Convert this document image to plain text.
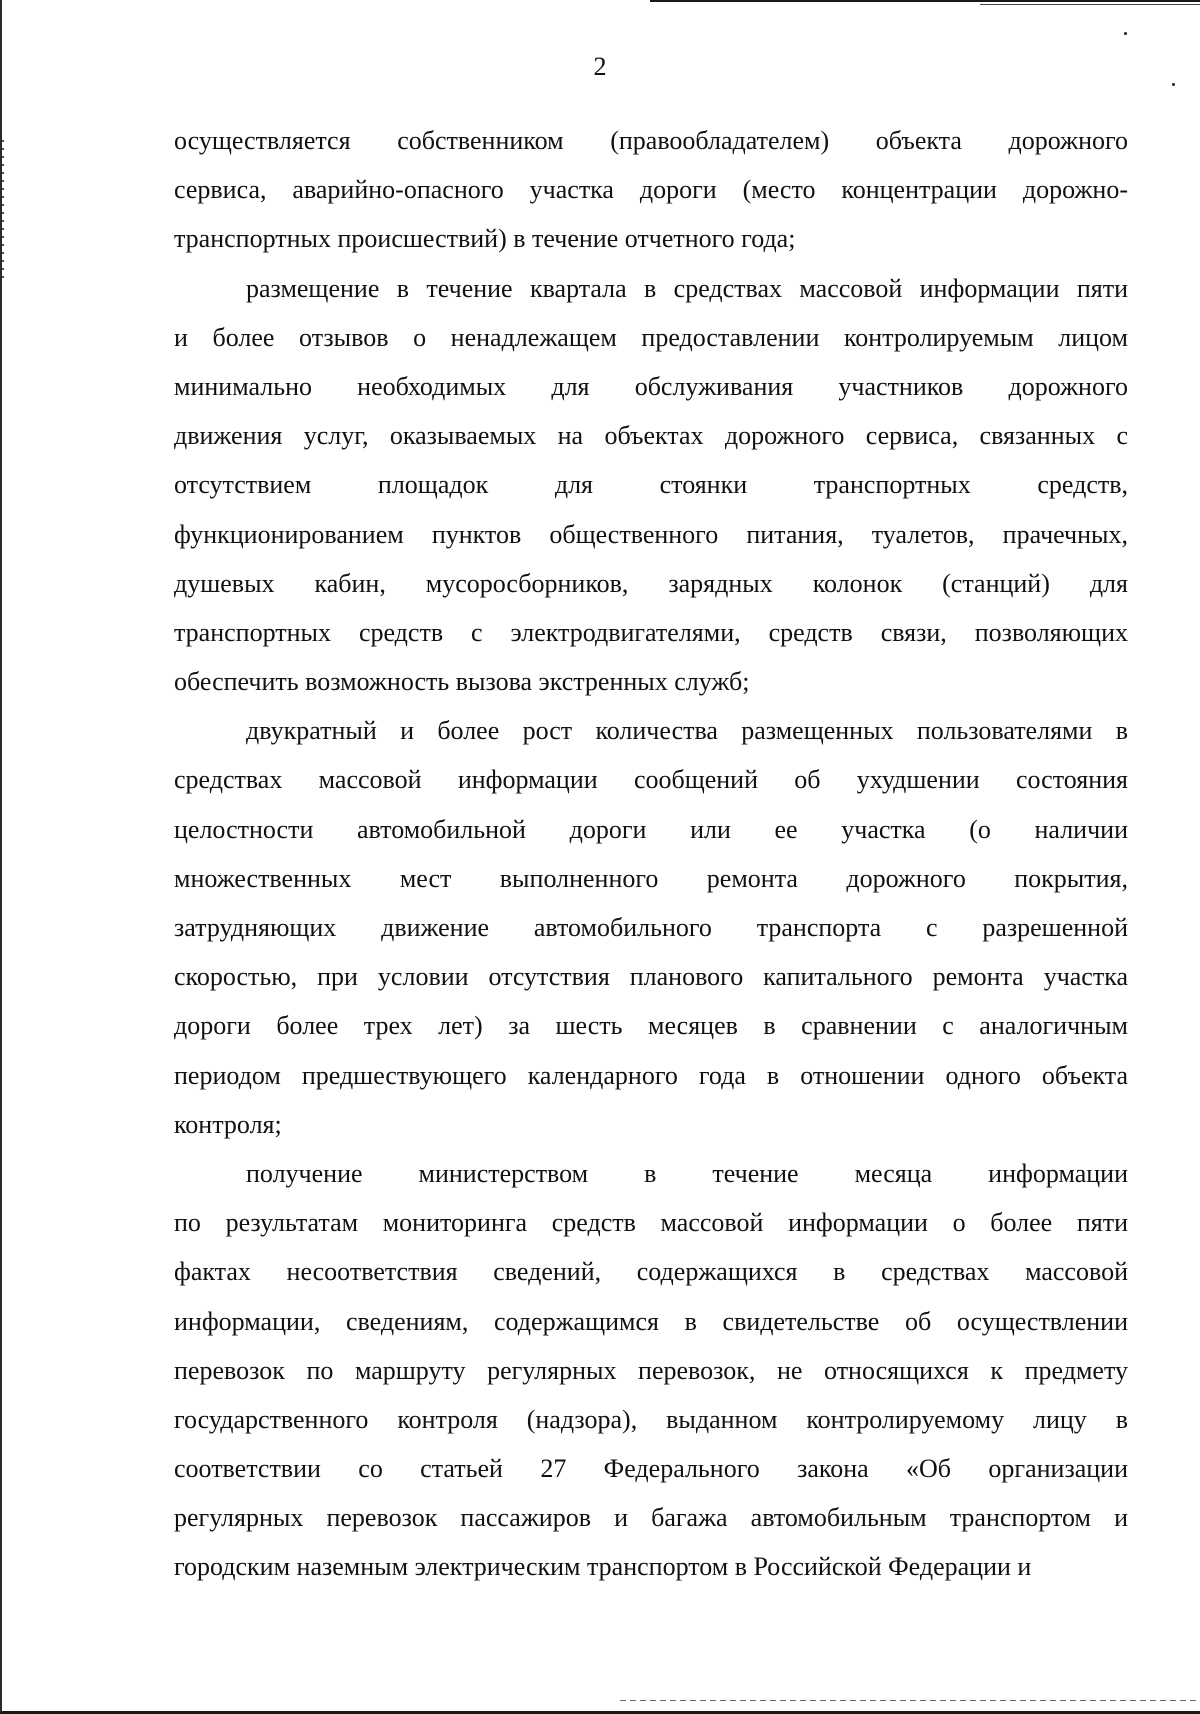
2
осуществляется собственником (правообладателем) объекта дорожного
сервиса, аварийно-опасного участка дороги (место концентрации дорожно-
транспортных происшествий) в течение отчетного года;
размещение в течение квартала в средствах массовой информации пяти
и более отзывов о ненадлежащем предоставлении контролируемым лицом
минимально необходимых для обслуживания участников дорожного
движения услуг, оказываемых на объектах дорожного сервиса, связанных с
отсутствием площадок для стоянки транспортных средств,
функционированием пунктов общественного питания, туалетов, прачечных,
душевых кабин, мусоросборников, зарядных колонок (станций) для
транспортных средств с электродвигателями, средств связи, позволяющих
обеспечить возможность вызова экстренных служб;
двукратный и более рост количества размещенных пользователями в
средствах массовой информации сообщений об ухудшении состояния
целостности автомобильной дороги или ее участка (о наличии
множественных мест выполненного ремонта дорожного покрытия,
затрудняющих движение автомобильного транспорта с разрешенной
скоростью, при условии отсутствия планового капитального ремонта участка
дороги более трех лет) за шесть месяцев в сравнении с аналогичным
периодом предшествующего календарного года в отношении одного объекта
контроля;
получение министерством в течение месяца информации
по результатам мониторинга средств массовой информации о более пяти
фактах несоответствия сведений, содержащихся в средствах массовой
информации, сведениям, содержащимся в свидетельстве об осуществлении
перевозок по маршруту регулярных перевозок, не относящихся к предмету
государственного контроля (надзора), выданном контролируемому лицу в
соответствии со статьей 27 Федерального закона «Об организации
регулярных перевозок пассажиров и багажа автомобильным транспортом и
городским наземным электрическим транспортом в Российской Федерации и
